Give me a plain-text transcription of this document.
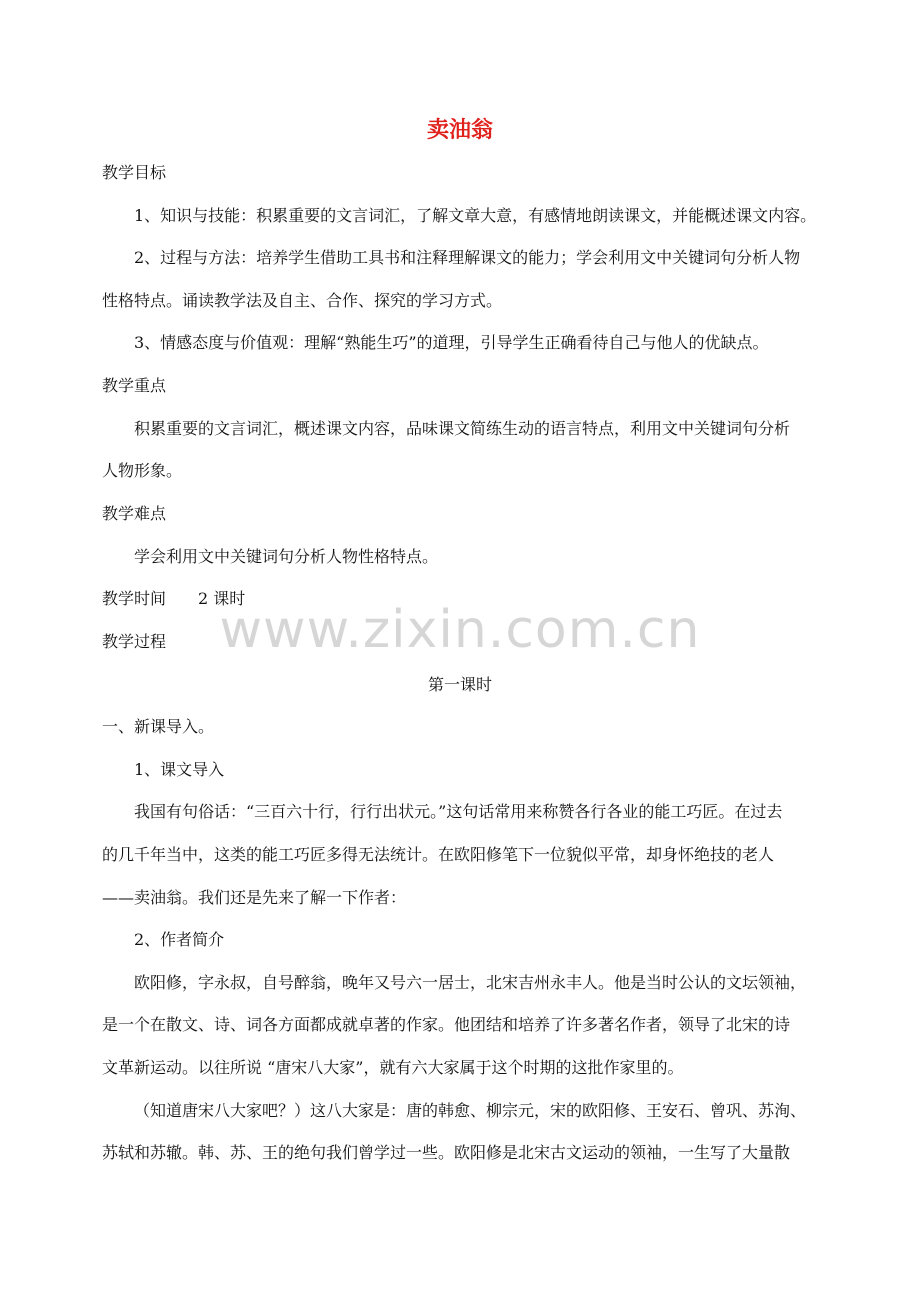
卖油翁
教学目标
1、知识与技能：积累重要的文言词汇，了解文章大意，有感情地朗读课文，并能概述课文内容。
2、过程与方法：培养学生借助工具书和注释理解课文的能力；学会利用文中关键词句分析人物
性格特点。诵读教学法及自主、合作、探究的学习方式。
3、情感态度与价值观：理解“熟能生巧”的道理，引导学生正确看待自己与他人的优缺点。
教学重点
积累重要的文言词汇，概述课文内容，品味课文简练生动的语言特点，利用文中关键词句分析
人物形象。
教学难点
学会利用文中关键词句分析人物性格特点。
教学时间 2 课时
教学过程
第一课时
一、新课导入。
1、课文导入
我国有句俗话：“三百六十行，行行出状元。”这句话常用来称赞各行各业的能工巧匠。在过去
的几千年当中，这类的能工巧匠多得无法统计。在欧阳修笔下一位貌似平常，却身怀绝技的老人
——卖油翁。我们还是先来了解一下作者：
2、作者简介
欧阳修，字永叔，自号醉翁，晚年又号六一居士，北宋吉州永丰人。他是当时公认的文坛领袖，
是一个在散文、诗、词各方面都成就卓著的作家。他团结和培养了许多著名作者，领导了北宋的诗
文革新运动。以往所说 “唐宋八大家”，就有六大家属于这个时期的这批作家里的。
（知道唐宋八大家吧？）这八大家是：唐的韩愈、柳宗元，宋的欧阳修、王安石、曾巩、苏洵、
苏轼和苏辙。韩、苏、王的绝句我们曾学过一些。欧阳修是北宋古文运动的领袖，一生写了大量散
www.zixin.com.cn
